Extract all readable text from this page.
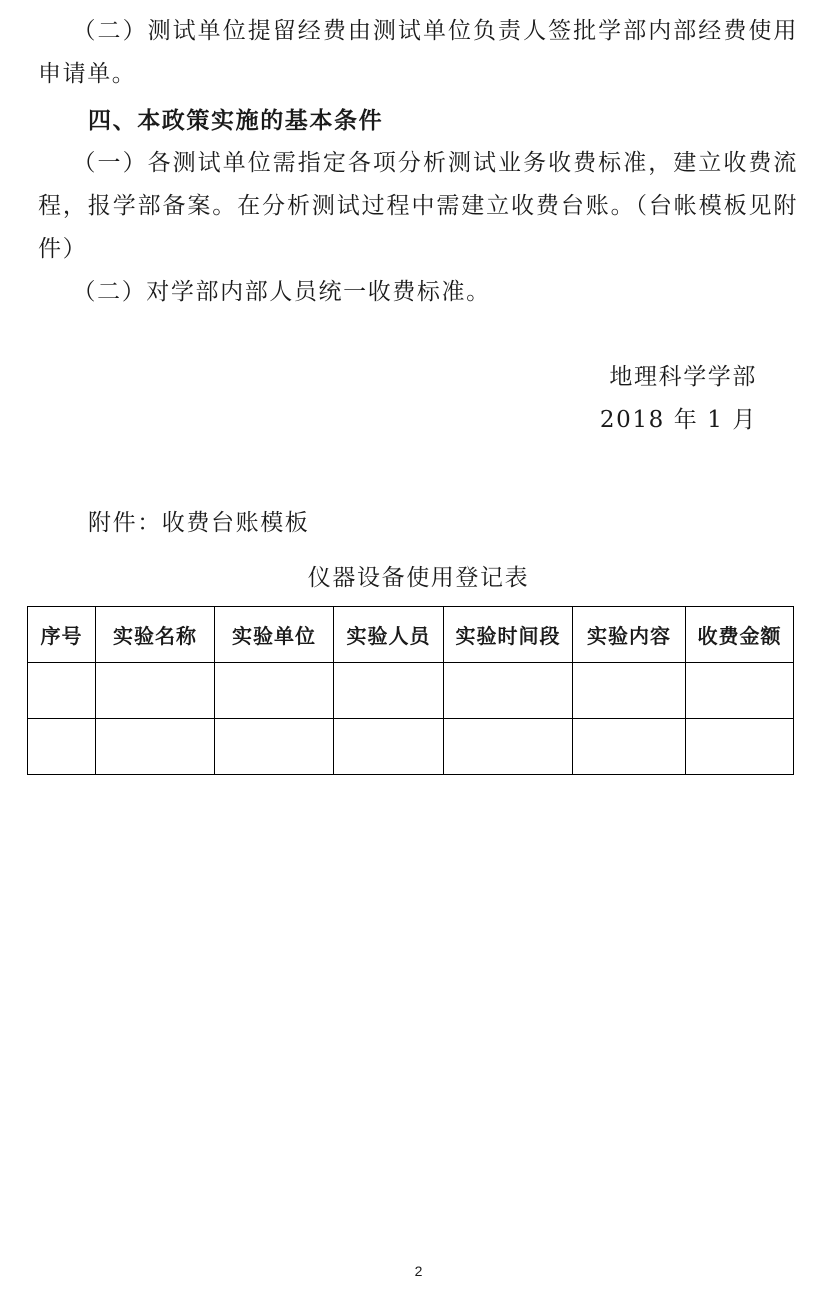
（二）测试单位提留经费由测试单位负责人签批学部内部经费使用申请单。

四、本政策实施的基本条件

（一）各测试单位需指定各项分析测试业务收费标准，建立收费流程，报学部备案。在分析测试过程中需建立收费台账。（台帐模板见附件）

（二）对学部内部人员统一收费标准。

地理科学学部

2018 年 1 月

附件：收费台账模板

仪器设备使用登记表

序号	实验名称	实验单位	实验人员	实验时间段	实验内容	收费金额

2
